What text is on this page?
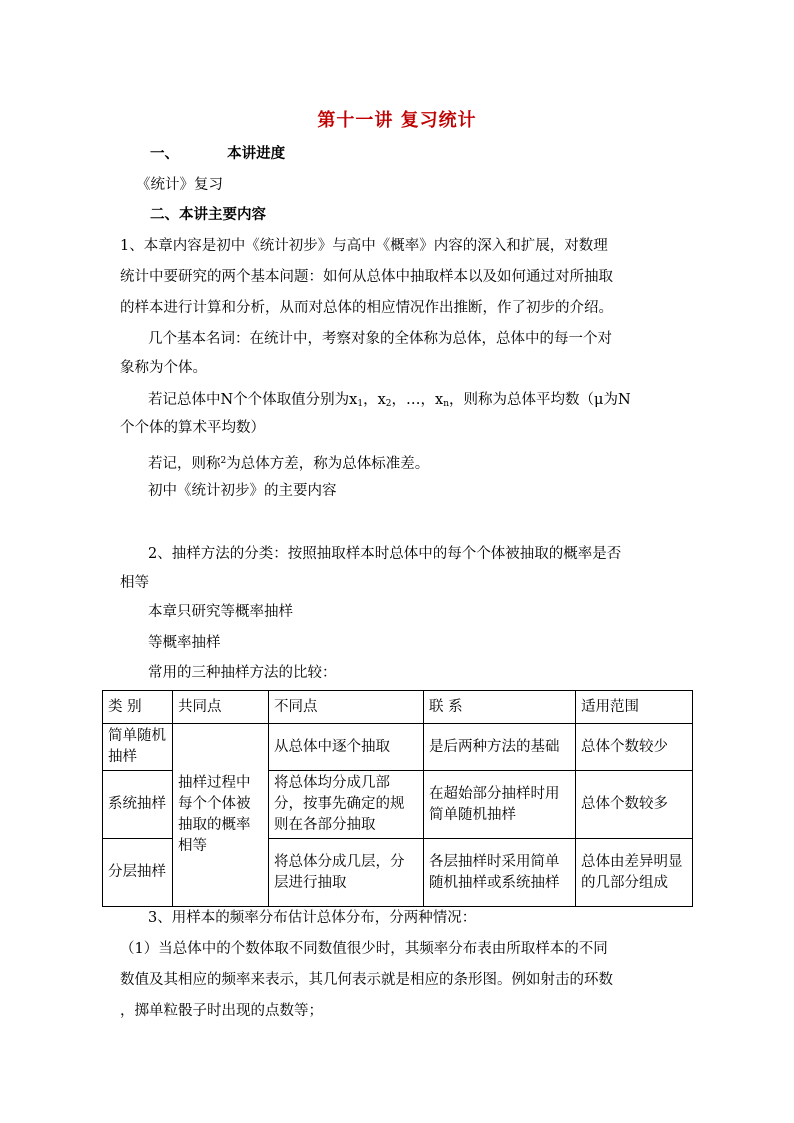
第十一讲 复习统计
一、	本讲进度
《统计》复习
二、本讲主要内容
1、本章内容是初中《统计初步》与高中《概率》内容的深入和扩展，对数理
统计中要研究的两个基本问题：如何从总体中抽取样本以及如何通过对所抽取
的样本进行计算和分析，从而对总体的相应情况作出推断，作了初步的介绍。
几个基本名词：在统计中，考察对象的全体称为总体，总体中的每一个对
象称为个体。
若记总体中N个个体取值分别为$x_1$，$x_2$，…，$x_n$，则称为总体平均数（μ为N
个个体的算术平均数）
若记，则称$^2$为总体方差，称为总体标准差。
初中《统计初步》的主要内容
2、抽样方法的分类：按照抽取样本时总体中的每个个体被抽取的概率是否
相等
本章只研究等概率抽样
等概率抽样
常用的三种抽样方法的比较：
类 别	共同点	不同点	联 系	适用范围
简单随机抽样	抽样过程中每个个体被抽取的概率相等	从总体中逐个抽取	是后两种方法的基础	总体个数较少
系统抽样		将总体均分成几部分，按事先确定的规则在各部分抽取	在超始部分抽样时用简单随机抽样	总体个数较多
分层抽样		将总体分成几层，分层进行抽取	各层抽样时采用简单随机抽样或系统抽样	总体由差异明显的几部分组成
3、用样本的频率分布估计总体分布，分两种情况：
（1）当总体中的个数体取不同数值很少时，其频率分布表由所取样本的不同
数值及其相应的频率来表示，其几何表示就是相应的条形图。例如射击的环数
，掷单粒骰子时出现的点数等；
